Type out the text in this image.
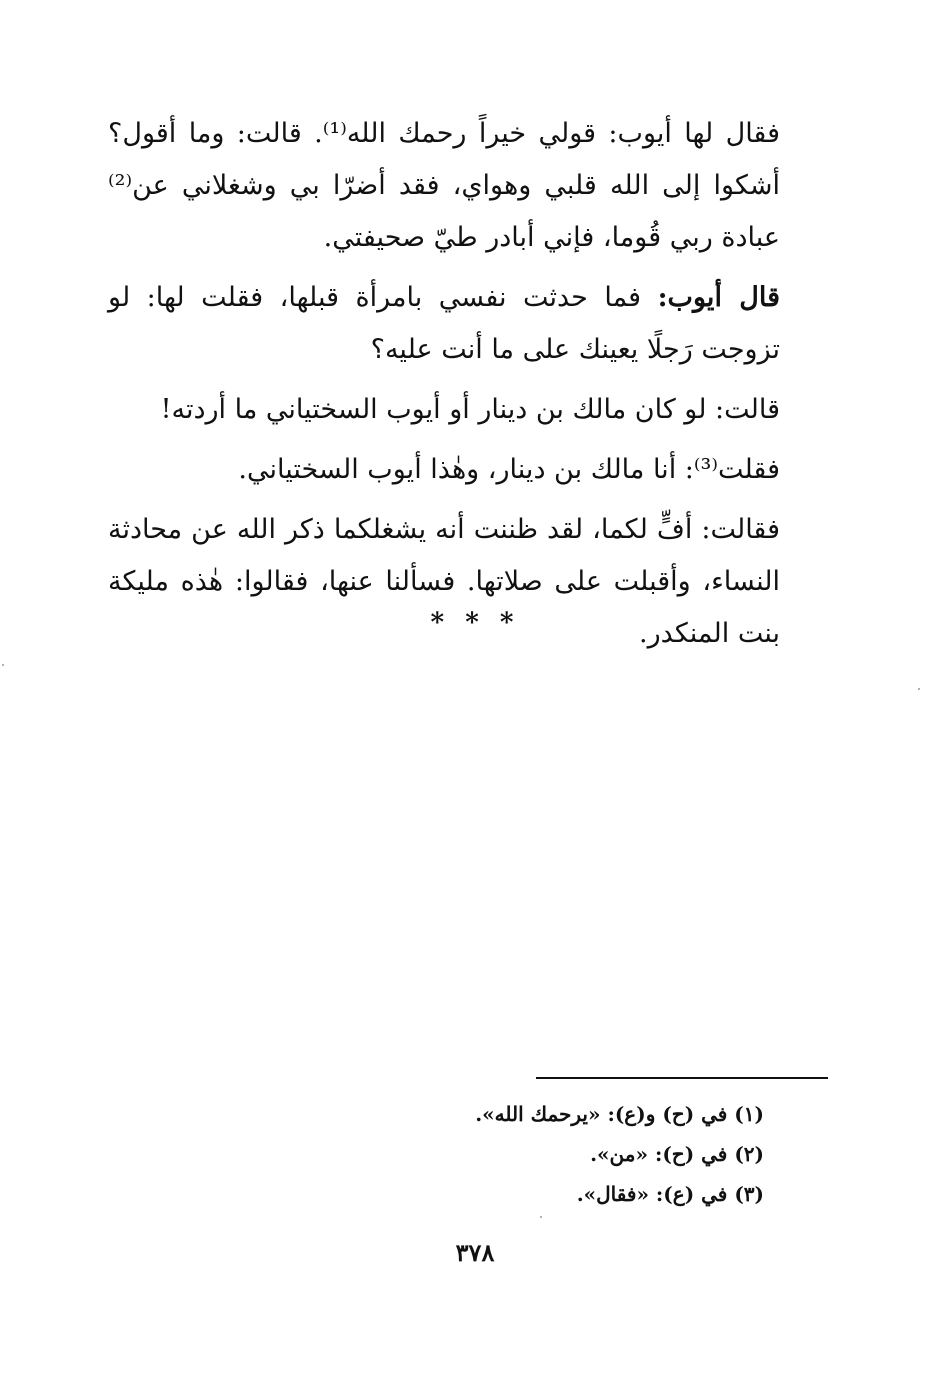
فقال لها أيوب: قولي خيراً رحمك الله⁽¹⁾. قالت: وما أقول؟ أشكوا إلى الله قلبي وهواي، فقد أضرّا بي وشغلاني عن⁽²⁾ عبادة ربي قُوما، فإني أبادر طيّ صحيفتي.

قال أيوب: فما حدثت نفسي بامرأة قبلها، فقلت لها: لو تزوجت رَجلًا يعينك على ما أنت عليه؟

قالت: لو كان مالك بن دينار أو أيوب السختياني ما أردته!

فقلت⁽³⁾: أنا مالك بن دينار، وهٰذا أيوب السختياني.

فقالت: أفٍّ لكما، لقد ظننت أنه يشغلكما ذكر الله عن محادثة النساء، وأقبلت على صلاتها. فسألنا عنها، فقالوا: هٰذه مليكة بنت المنكدر.

* * *

(١) في (ح) و(ع): «يرحمك الله».

(٢) في (ح): «من».

(٣) في (ع): «فقال».

٣٧٨
